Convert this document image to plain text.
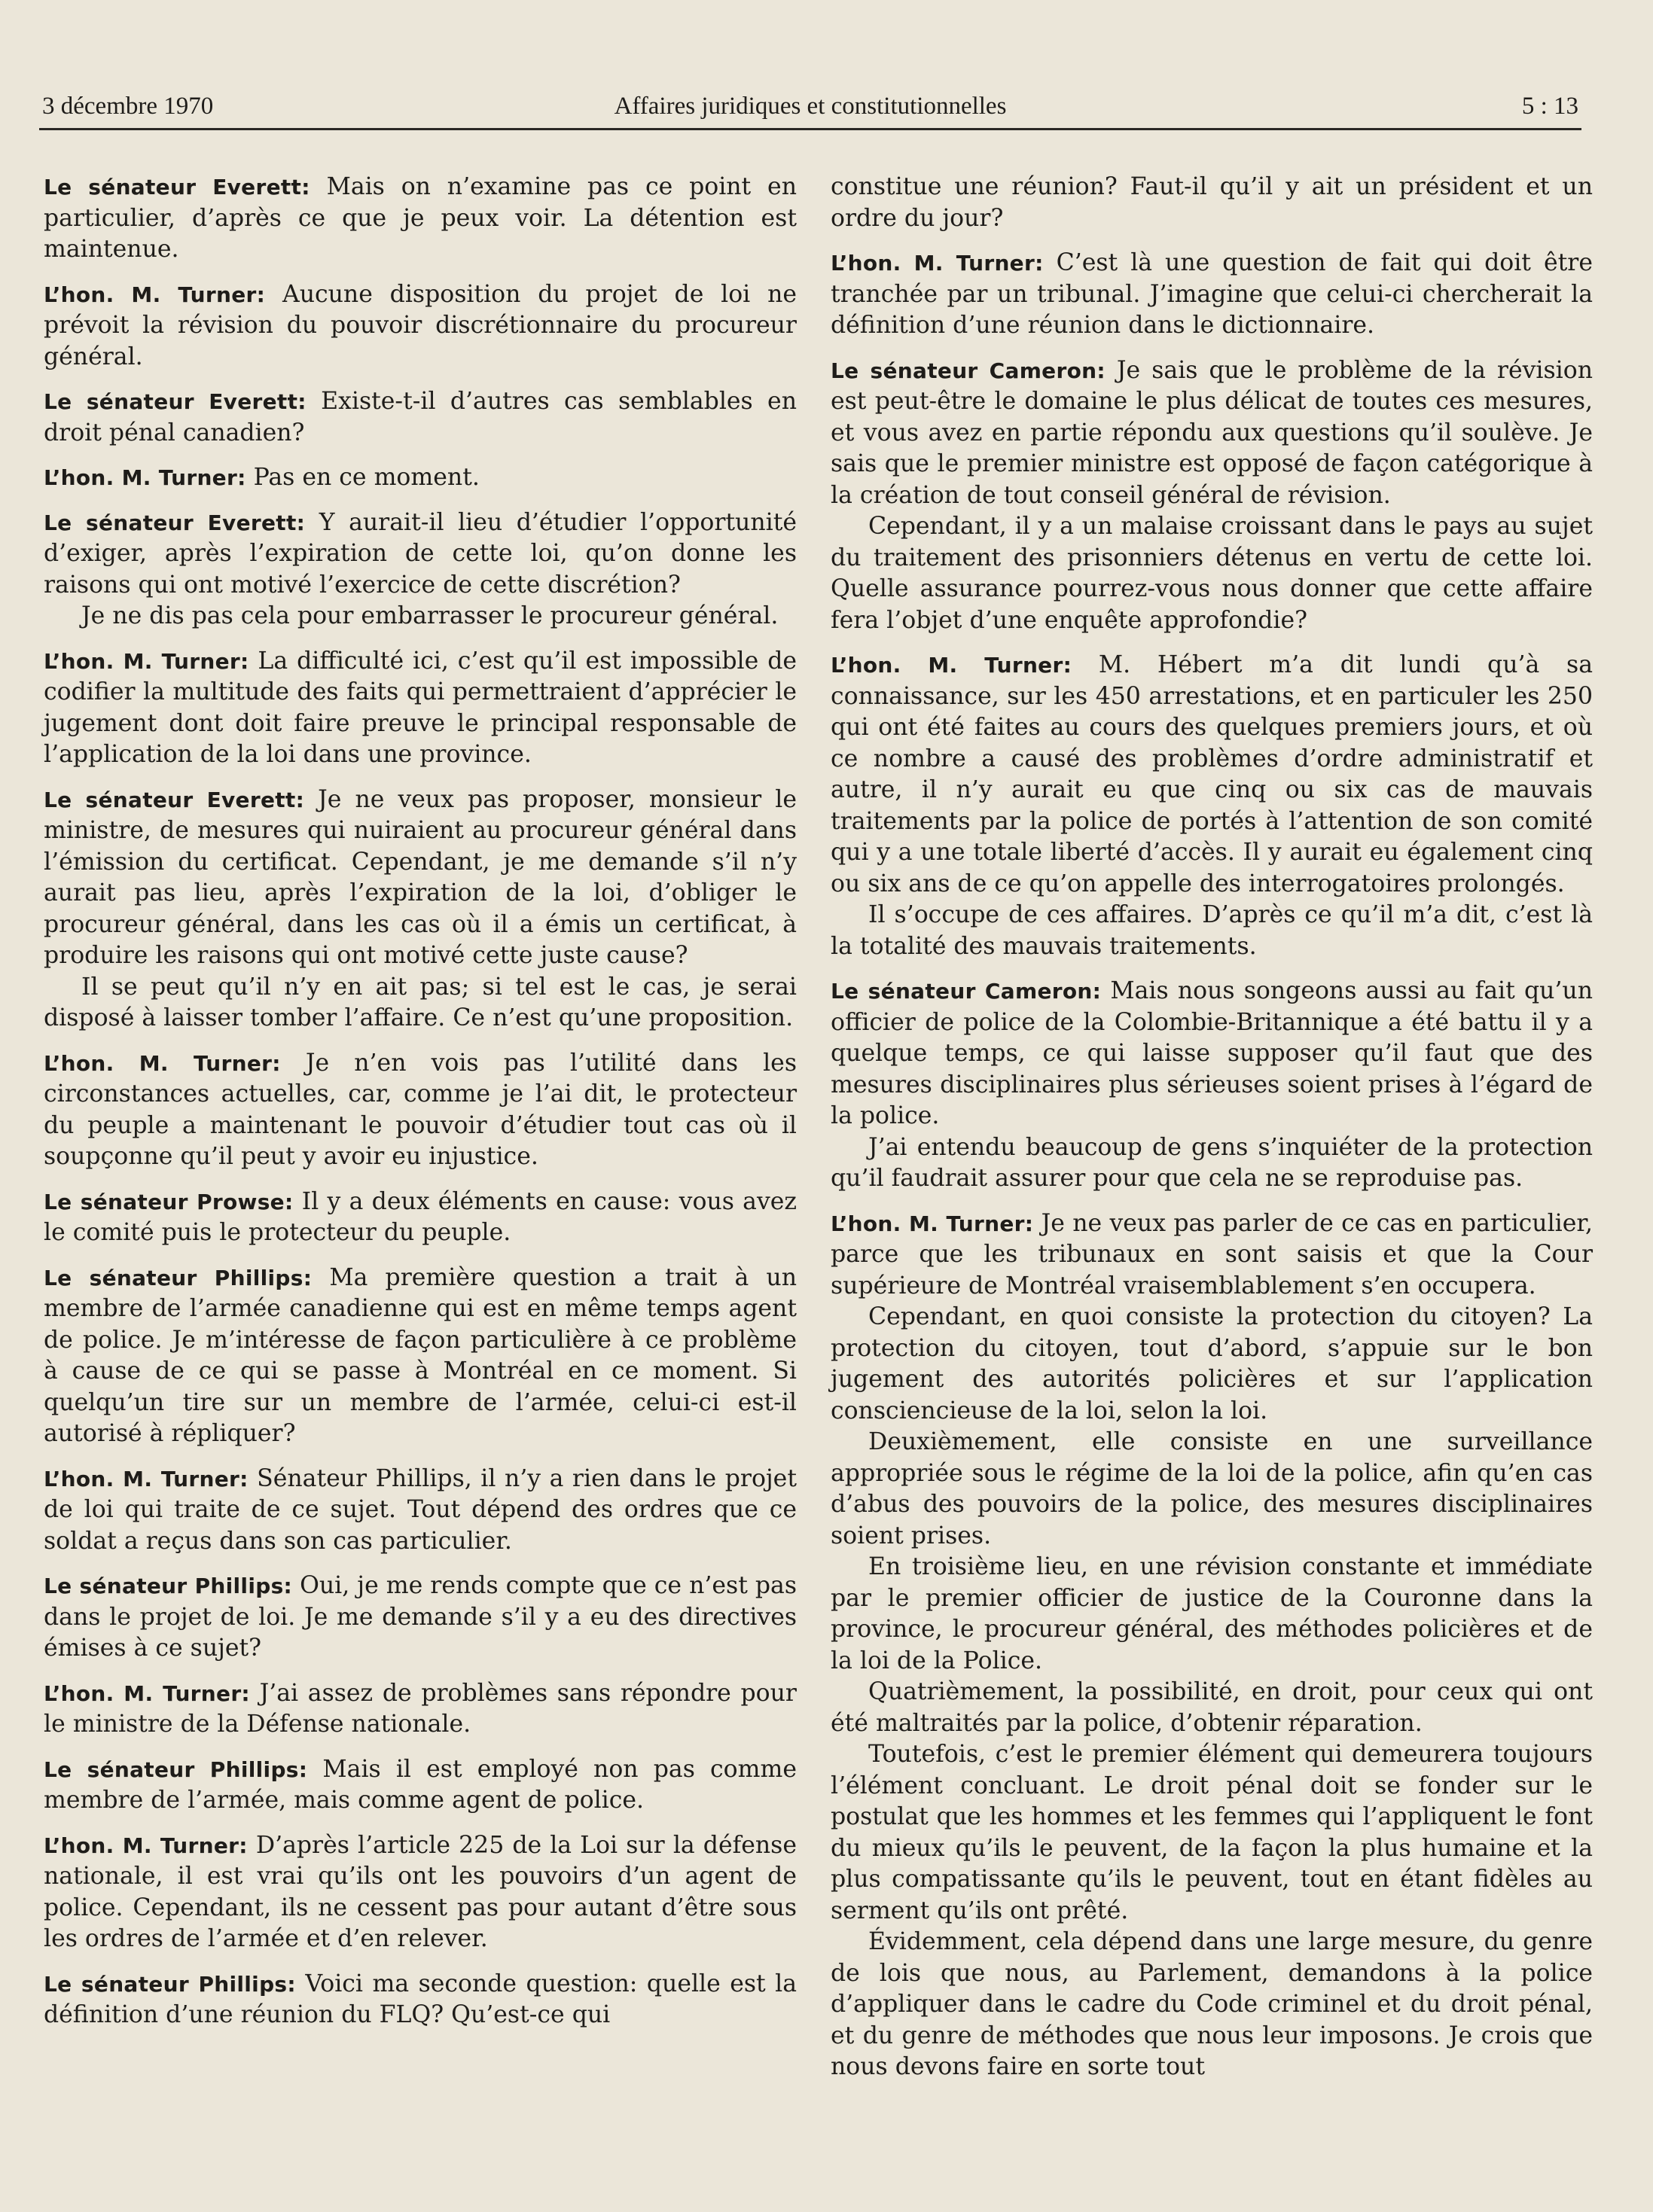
3 décembre 1970	Affaires juridiques et constitutionnelles	5 : 13

Le sénateur Everett: Mais on n’examine pas ce point en particulier, d’après ce que je peux voir. La détention est maintenue.

L’hon. M. Turner: Aucune disposition du projet de loi ne prévoit la révision du pouvoir discrétionnaire du procureur général.

Le sénateur Everett: Existe-t-il d’autres cas semblables en droit pénal canadien?

L’hon. M. Turner: Pas en ce moment.

Le sénateur Everett: Y aurait-il lieu d’étudier l’opportunité d’exiger, après l’expiration de cette loi, qu’on donne les raisons qui ont motivé l’exercice de cette discrétion?

Je ne dis pas cela pour embarrasser le procureur général.

L’hon. M. Turner: La difficulté ici, c’est qu’il est impossible de codifier la multitude des faits qui permettraient d’apprécier le jugement dont doit faire preuve le principal responsable de l’application de la loi dans une province.

Le sénateur Everett: Je ne veux pas proposer, monsieur le ministre, de mesures qui nuiraient au procureur général dans l’émission du certificat. Cependant, je me demande s’il n’y aurait pas lieu, après l’expiration de la loi, d’obliger le procureur général, dans les cas où il a émis un certificat, à produire les raisons qui ont motivé cette juste cause?

Il se peut qu’il n’y en ait pas; si tel est le cas, je serai disposé à laisser tomber l’affaire. Ce n’est qu’une proposition.

L’hon. M. Turner: Je n’en vois pas l’utilité dans les circonstances actuelles, car, comme je l’ai dit, le protecteur du peuple a maintenant le pouvoir d’étudier tout cas où il soupçonne qu’il peut y avoir eu injustice.

Le sénateur Prowse: Il y a deux éléments en cause: vous avez le comité puis le protecteur du peuple.

Le sénateur Phillips: Ma première question a trait à un membre de l’armée canadienne qui est en même temps agent de police. Je m’intéresse de façon particulière à ce problème à cause de ce qui se passe à Montréal en ce moment. Si quelqu’un tire sur un membre de l’armée, celui-ci est-il autorisé à répliquer?

L’hon. M. Turner: Sénateur Phillips, il n’y a rien dans le projet de loi qui traite de ce sujet. Tout dépend des ordres que ce soldat a reçus dans son cas particulier.

Le sénateur Phillips: Oui, je me rends compte que ce n’est pas dans le projet de loi. Je me demande s’il y a eu des directives émises à ce sujet?

L’hon. M. Turner: J’ai assez de problèmes sans répondre pour le ministre de la Défense nationale.

Le sénateur Phillips: Mais il est employé non pas comme membre de l’armée, mais comme agent de police.

L’hon. M. Turner: D’après l’article 225 de la Loi sur la défense nationale, il est vrai qu’ils ont les pouvoirs d’un agent de police. Cependant, ils ne cessent pas pour autant d’être sous les ordres de l’armée et d’en relever.

Le sénateur Phillips: Voici ma seconde question: quelle est la définition d’une réunion du FLQ? Qu’est-ce qui

constitue une réunion? Faut-il qu’il y ait un président et un ordre du jour?

L’hon. M. Turner: C’est là une question de fait qui doit être tranchée par un tribunal. J’imagine que celui-ci chercherait la définition d’une réunion dans le dictionnaire.

Le sénateur Cameron: Je sais que le problème de la révision est peut-être le domaine le plus délicat de toutes ces mesures, et vous avez en partie répondu aux questions qu’il soulève. Je sais que le premier ministre est opposé de façon catégorique à la création de tout conseil général de révision.

Cependant, il y a un malaise croissant dans le pays au sujet du traitement des prisonniers détenus en vertu de cette loi. Quelle assurance pourrez-vous nous donner que cette affaire fera l’objet d’une enquête approfondie?

L’hon. M. Turner: M. Hébert m’a dit lundi qu’à sa connaissance, sur les 450 arrestations, et en particuler les 250 qui ont été faites au cours des quelques premiers jours, et où ce nombre a causé des problèmes d’ordre administratif et autre, il n’y aurait eu que cinq ou six cas de mauvais traitements par la police de portés à l’attention de son comité qui y a une totale liberté d’accès. Il y aurait eu également cinq ou six ans de ce qu’on appelle des interrogatoires prolongés.

Il s’occupe de ces affaires. D’après ce qu’il m’a dit, c’est là la totalité des mauvais traitements.

Le sénateur Cameron: Mais nous songeons aussi au fait qu’un officier de police de la Colombie-Britannique a été battu il y a quelque temps, ce qui laisse supposer qu’il faut que des mesures disciplinaires plus sérieuses soient prises à l’égard de la police.

J’ai entendu beaucoup de gens s’inquiéter de la protection qu’il faudrait assurer pour que cela ne se reproduise pas.

L’hon. M. Turner: Je ne veux pas parler de ce cas en particulier, parce que les tribunaux en sont saisis et que la Cour supérieure de Montréal vraisemblablement s’en occupera.

Cependant, en quoi consiste la protection du citoyen? La protection du citoyen, tout d’abord, s’appuie sur le bon jugement des autorités policières et sur l’application consciencieuse de la loi, selon la loi.

Deuxièmement, elle consiste en une surveillance appropriée sous le régime de la loi de la police, afin qu’en cas d’abus des pouvoirs de la police, des mesures disciplinaires soient prises.

En troisième lieu, en une révision constante et immédiate par le premier officier de justice de la Couronne dans la province, le procureur général, des méthodes policières et de la loi de la Police.

Quatrièmement, la possibilité, en droit, pour ceux qui ont été maltraités par la police, d’obtenir réparation.

Toutefois, c’est le premier élément qui demeurera toujours l’élément concluant. Le droit pénal doit se fonder sur le postulat que les hommes et les femmes qui l’appliquent le font du mieux qu’ils le peuvent, de la façon la plus humaine et la plus compatissante qu’ils le peuvent, tout en étant fidèles au serment qu’ils ont prêté.

Évidemment, cela dépend dans une large mesure, du genre de lois que nous, au Parlement, demandons à la police d’appliquer dans le cadre du Code criminel et du droit pénal, et du genre de méthodes que nous leur imposons. Je crois que nous devons faire en sorte tout
